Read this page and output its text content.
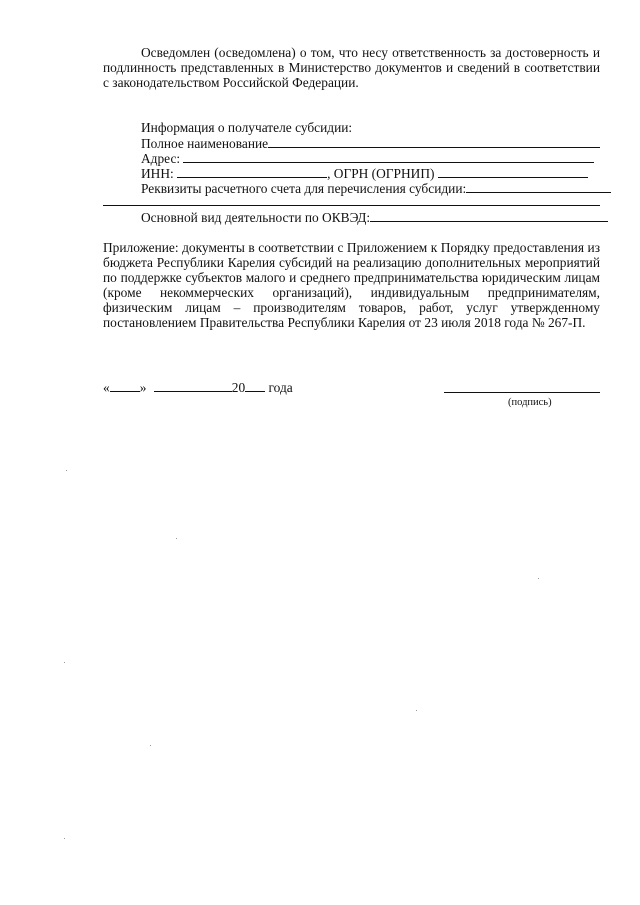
Осведомлен (осведомлена) о том, что несу ответственность за достоверность и подлинность представленных в Министерство документов и сведений в соответствии с законодательством Российской Федерации.

Информация о получателе субсидии:
Полное наименование
Адрес:
ИНН:	, ОГРН (ОГРНИП)
Реквизиты расчетного счета для перечисления субсидии:
Основной вид деятельности по ОКВЭД:

Приложение: документы в соответствии с Приложением к Порядку предоставления из бюджета Республики Карелия субсидий на реализацию дополнительных мероприятий по поддержке субъектов малого и среднего предпринимательства юридическим лицам (кроме некоммерческих организаций), индивидуальным предпринимателям, физическим лицам – производителям товаров, работ, услуг утвержденному постановлением Правительства Республики Карелия от 23 июля 2018 года № 267-П.

« »	20 года
(подпись)
